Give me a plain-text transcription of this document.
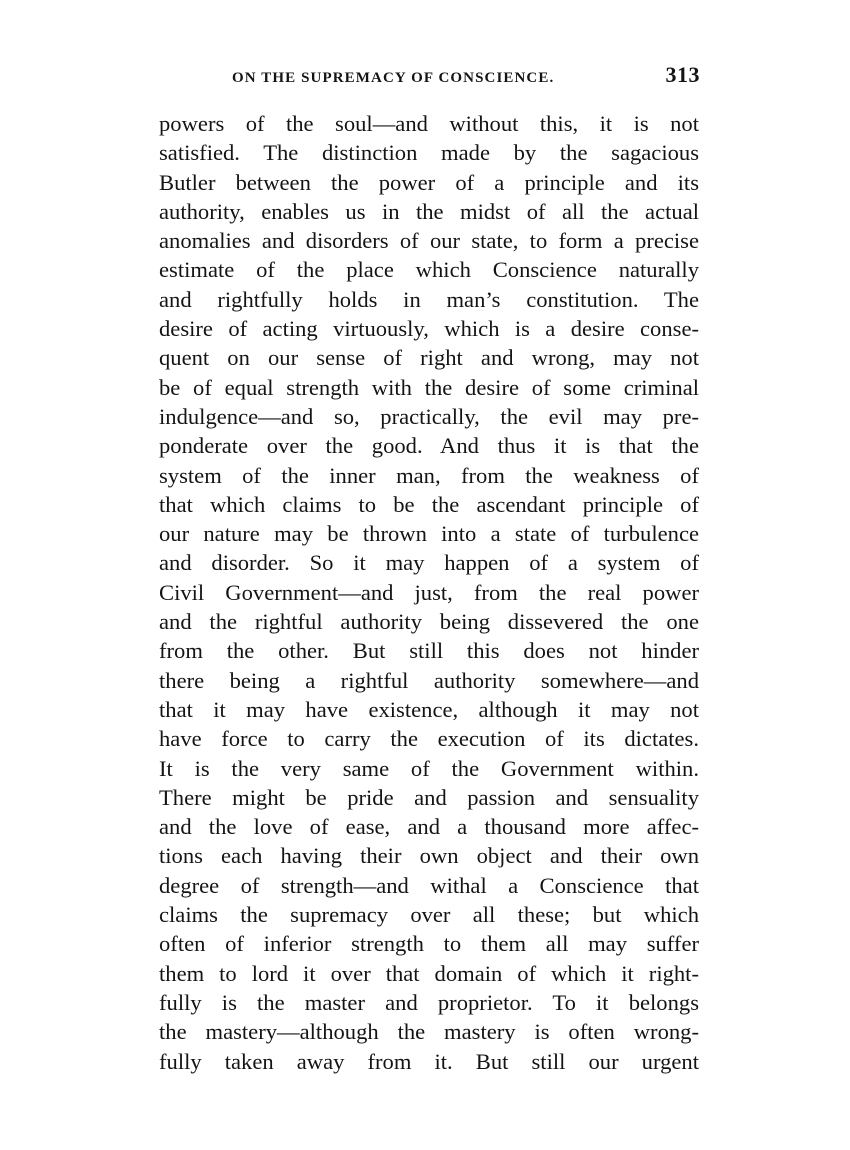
ON THE SUPREMACY OF CONSCIENCE.	313
powers of the soul—and without this, it is not
satisfied. The distinction made by the sagacious
Butler between the power of a principle and its
authority, enables us in the midst of all the actual
anomalies and disorders of our state, to form a precise
estimate of the place which Conscience naturally
and rightfully holds in man’s constitution. The
desire of acting virtuously, which is a desire conse-
quent on our sense of right and wrong, may not
be of equal strength with the desire of some criminal
indulgence—and so, practically, the evil may pre-
ponderate over the good. And thus it is that the
system of the inner man, from the weakness of
that which claims to be the ascendant principle of
our nature may be thrown into a state of turbulence
and disorder. So it may happen of a system of
Civil Government—and just, from the real power
and the rightful authority being dissevered the one
from the other. But still this does not hinder
there being a rightful authority somewhere—and
that it may have existence, although it may not
have force to carry the execution of its dictates.
It is the very same of the Government within.
There might be pride and passion and sensuality
and the love of ease, and a thousand more affec-
tions each having their own object and their own
degree of strength—and withal a Conscience that
claims the supremacy over all these; but which
often of inferior strength to them all may suffer
them to lord it over that domain of which it right-
fully is the master and proprietor. To it belongs
the mastery—although the mastery is often wrong-
fully taken away from it. But still our urgent
